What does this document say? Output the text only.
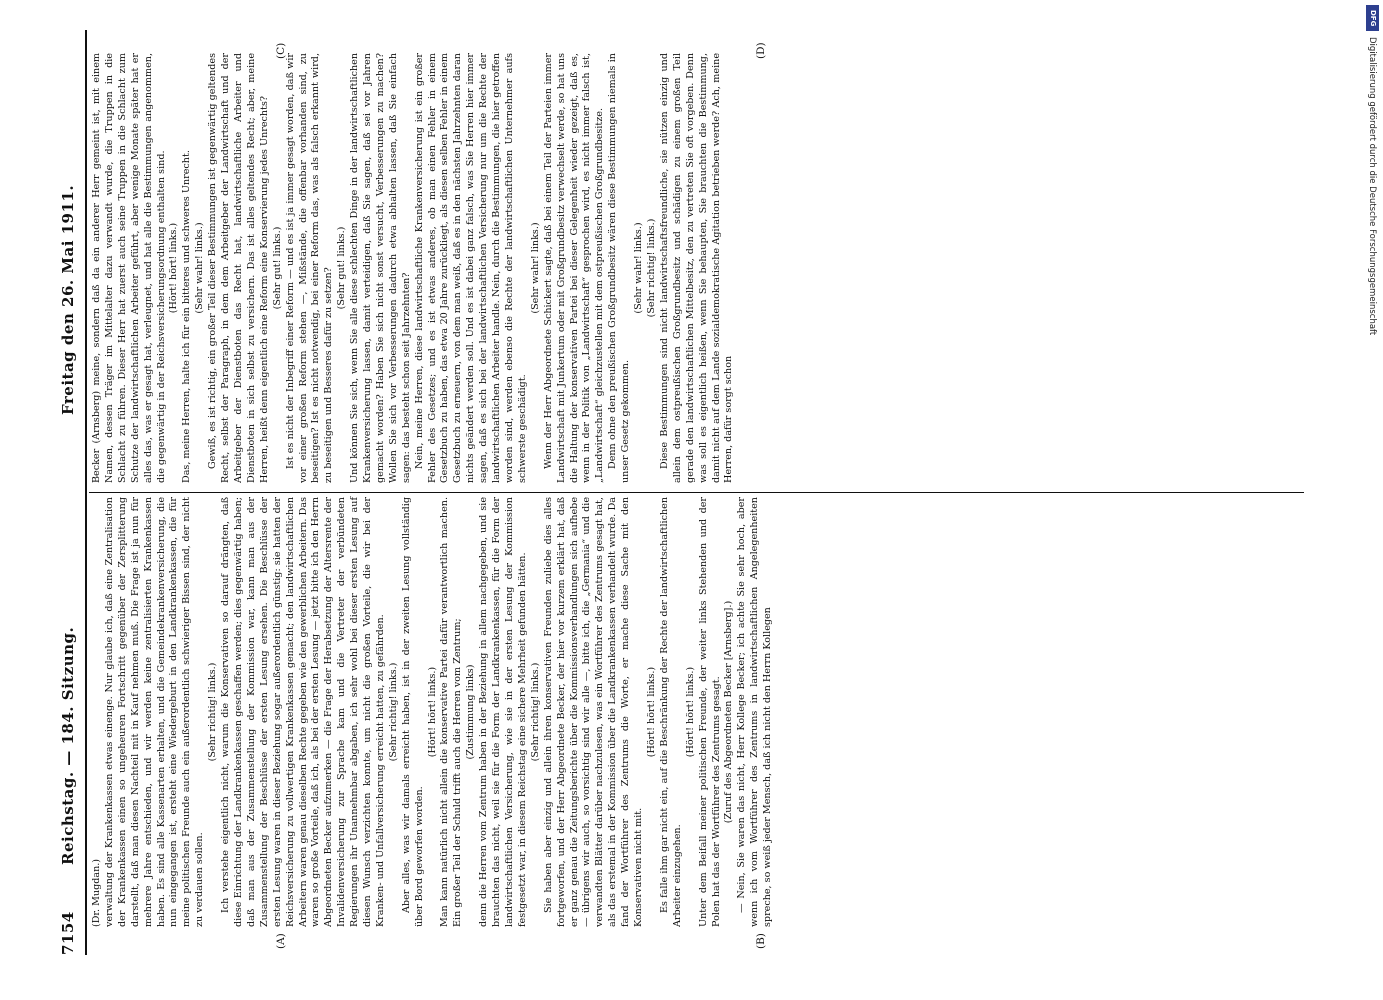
7154
Reichstag. — 184. Sitzung.
Freitag den 26. Mai 1911.
(A)	(B)
(C)	(D)

(Dr. Mugdan.) verwaltung der Krankenkassen etwas einenge. Nur glaube ich, daß eine Zentralisation der Krankenkassen einen so ungeheuren Fortschritt gegenüber der Zersplitterung darstellt, daß man diesen Nachteil mit in Kauf nehmen muß. Die Frage ist ja nun für mehrere Jahre entschieden, und wir werden keine zentralisierten Krankenkassen haben. Es sind alle Kassenarten erhalten, und die Gemeindekrankenversicherung, die nun eingegangen ist, ersteht eine Wiedergeburt in den Landkrankenkassen, die für meine politischen Freunde auch ein außerordentlich schwieriger Bissen sind, der nicht zu verdauen sollen.

(Sehr richtig! links.) Ich verstehe eigentlich nicht, warum die Konservativen so darauf drängten, daß diese Einrichtung der Landkrankenkassen geschaffen werden; dies gegenwärtig haben; daß man aus der Zusammenstellung der Kommission war, kann man aus der Zusammenstellung der Beschlüsse der ersten Lesung ersehen. Die Beschlüsse der ersten Lesung waren in dieser Beziehung sogar außerordentlich günstig: sie hatten der Reichsversicherung zu vollwertigen Krankenkassen gemacht; den landwirtschaftlichen Arbeitern waren genau dieselben Rechte gegeben wie den gewerblichen Arbeitern. Das waren so große Vorteile, daß ich, als bei der ersten Lesung — jetzt bitte ich den Herrn Abgeordneten Becker aufzumerken — die Frage der Herabsetzung der Altersrente der Invalidenversicherung zur Sprache kam und die Vertreter der verbündeten Regierungen ihr Unannehmbar abgaben, ich sehr wohl bei dieser ersten Lesung auf diesen Wunsch verzichten konnte, um nicht die großen Vorteile, die wir bei der Kranken- und Unfallversicherung erreicht hatten, zu gefährden. (Sehr richtig! links.) Aber alles, was wir damals erreicht haben, ist in der zweiten Lesung vollständig über Bord geworfen worden.

(Hört! hört! links.) Man kann natürlich nicht allein die konservative Partei dafür verantwortlich machen. Ein großer Teil der Schuld trifft auch die Herren vom Zentrum; (Zustimmung links) denn die Herren vom Zentrum haben in der Beziehung in allem nachgegeben, und sie brauchten das nicht, weil sie für die Form der Landkrankenkassen, für die Form der landwirtschaftlichen Versicherung, wie sie in der ersten Lesung der Kommission festgesetzt war, in diesem Reichstag eine sichere Mehrheit gefunden hätten. (Sehr richtig! links.) Sie haben aber einzig und allein ihren konservativen Freunden zuliebe dies alles fortgeworfen, und der Herr Abgeordnete Becker, der hier vor kurzem erklärt hat, daß er ganz genau die Zeitungsberichte über die Kommissionsverhandlungen sich aufhebe — übrigens wir auch, so vorsichtig sind wir alle —, bitte ich, die „Germania“ und die verwandten Blätter darüber nachzulesen, was ein Wortführer des Zentrums gesagt hat, als das erstemal in der Kommission über die Landkrankenkassen verhandelt wurde. Da fand der Wortführer des Zentrums die Worte, er mache diese Sache mit den Konservativen nicht mit.

(Hört! hört! links.) Es falle ihm gar nicht ein, auf die Beschränkung der Rechte der landwirtschaftlichen Arbeiter einzugehen.

(Hört! hört! links.) Unter dem Beifall meiner politischen Freunde, der weiter links Stehenden und der Polen hat das der Wortführer des Zentrums gesagt. (Zuruf des Abgeordneten Becker [Arnsberg].) — Nein, Sie waren das nicht, Herr Kollege Becker; ich achte Sie sehr hoch, aber wenn ich vom Wortführer des Zentrums in landwirtschaftlichen Angelegenheiten spreche, so weiß jeder Mensch, daß ich nicht den Herrn Kollegen

Becker (Arnsberg) meine, sondern daß da ein anderer Herr gemeint ist, mit einem Namen, dessen Träger im Mittelalter dazu verwandt wurde, die Truppen in die Schlacht zu führen. Dieser Herr hat zuerst auch seine Truppen in die Schlacht zum Schutze der landwirtschaftlichen Arbeiter geführt, aber wenige Monate später hat er alles das, was er gesagt hat, verleugnet, und hat alle die Bestimmungen angenommen, die gegenwärtig in der Reichsversicherungsordnung enthalten sind. (Hört! hört! links.) Das, meine Herren, halte ich für ein bitteres und schweres Unrecht. (Sehr wahr! links.) Gewiß, es ist richtig, ein großer Teil dieser Bestimmungen ist gegenwärtig geltendes Recht, selbst der Paragraph, in dem dem Arbeitgeber der Landwirtschaft und der Arbeitgeber der Dienstboten das Recht hat, landwirtschaftliche Arbeiter und Dienstboten in sich selbst zu versichern. Das ist alles geltendes Recht; aber, meine Herren, heißt denn eigentlich eine Reform eine Konservierung jedes Unrechts? (Sehr gut! links.) Ist es nicht der Inbegriff einer Reform — und es ist ja immer gesagt worden, daß wir vor einer großen Reform stehen —, Mißstände, die offenbar vorhanden sind, zu beseitigen? Ist es nicht notwendig, bei einer Reform das, was als falsch erkannt wird, zu beseitigen und Besseres dafür zu setzen? (Sehr gut! links.) Und können Sie sich, wenn Sie alle diese schlechten Dinge in der landwirtschaftlichen Krankenversicherung lassen, damit verteidigen, daß Sie sagen, daß sei vor Jahren gemacht worden? Haben Sie sich nicht sonst versucht, Verbesserungen zu machen? Wollen Sie sich vor Verbesserungen dadurch etwa abhalten lassen, daß Sie einfach sagen: das besteht schon seit Jahrzehnten? Nein, meine Herren, diese landwirtschaftliche Krankenversicherung ist ein großer Fehler des Gesetzes; und es ist etwas anderes, ob man einen Fehler in einem Gesetzbuch zu haben, das etwa 20 Jahre zurückliegt, als diesen selben Fehler in einem Gesetzbuch zu erneuern, von dem man weiß, daß es in den nächsten Jahrzehnten daran nichts geändert werden soll. Und es ist dabei ganz falsch, was Sie Herren hier immer sagen, daß es sich bei der landwirtschaftlichen Versicherung nur um die Rechte der landwirtschaftlichen Arbeiter handle. Nein, durch die Bestimmungen, die hier getroffen worden sind, werden ebenso die Rechte der landwirtschaftlichen Unternehmer aufs schwerste geschädigt.

(Sehr wahr! links.) Wenn der Herr Abgeordnete Schickert sagte, daß bei einem Teil der Parteien immer Landwirtschaft mit Junkertum oder mit Großgrundbesitz verwechselt werde, so hat uns die Haltung der konservativen Partei bei dieser Gelegenheit wieder gezeigt, daß es, wenn in der Politik von „Landwirtschaft“ gesprochen wird, es nicht immer falsch ist, „Landwirtschaft“ gleichzustellen mit dem ostpreußischen Großgrundbesitze. Denn ohne den preußischen Großgrundbesitz wären diese Bestimmungen niemals in unser Gesetz gekommen.

(Sehr wahr! links.) (Sehr richtig! links.) Diese Bestimmungen sind nicht landwirtschaftsfreundliche, sie nützen einzig und allein dem ostpreußischen Großgrundbesitz und schädigen zu einem großen Teil gerade den landwirtschaftlichen Mittelbesitz, den zu vertreten Sie oft vorgeben. Denn was soll es eigentlich heißen, wenn Sie behaupten, Sie brauchten die Bestimmung, damit nicht auf dem Lande sozialdemokratische Agitation betrieben werde? Ach, meine Herren, dafür sorgt schon

DFG
Digitalisierung gefördert durch die Deutsche Forschungsgemeinschaft
